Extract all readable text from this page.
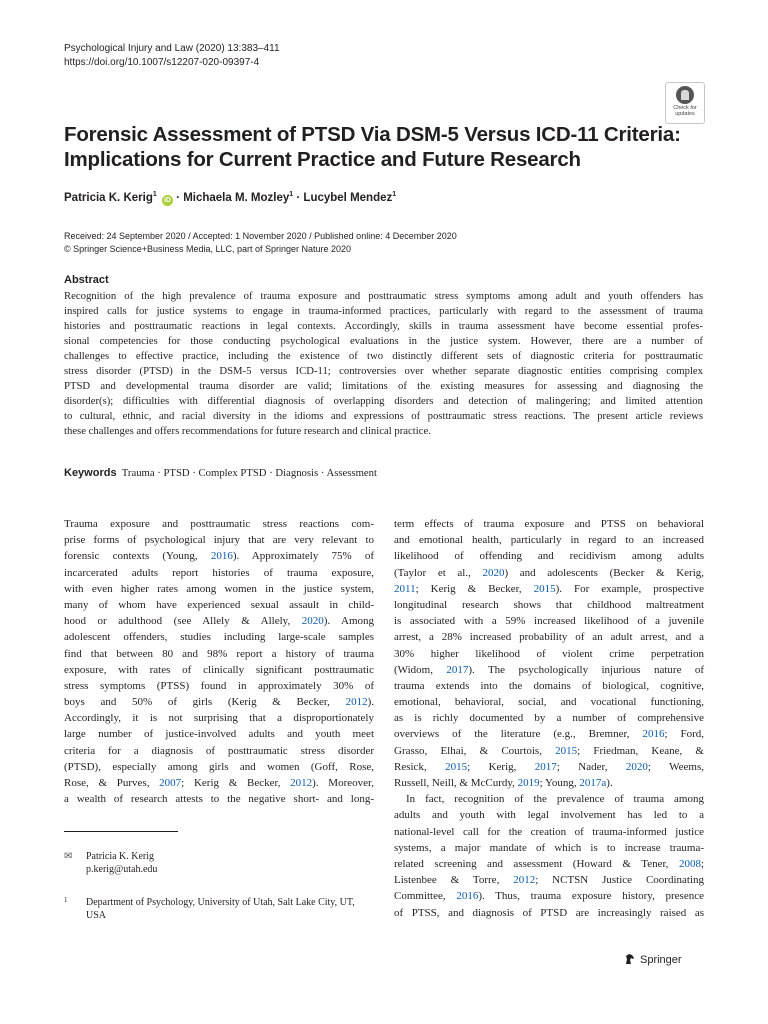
Psychological Injury and Law (2020) 13:383–411
https://doi.org/10.1007/s12207-020-09397-4
Check for
updates
Forensic Assessment of PTSD Via DSM-5 Versus ICD-11 Criteria:
Implications for Current Practice and Future Research
Patricia K. Kerig$^1$ iD · Michaela M. Mozley$^1$ · Lucybel Mendez$^1$
Received: 24 September 2020 / Accepted: 1 November 2020 / Published online: 4 December 2020
© Springer Science+Business Media, LLC, part of Springer Nature 2020
Abstract
Recognition of the high prevalence of trauma exposure and posttraumatic stress symptoms among adult and youth offenders has
inspired calls for justice systems to engage in trauma-informed practices, particularly with regard to the assessment of trauma
histories and posttraumatic reactions in legal contexts. Accordingly, skills in trauma assessment have become essential profes-
sional competencies for those conducting psychological evaluations in the justice system. However, there are a number of
challenges to effective practice, including the existence of two distinctly different sets of diagnostic criteria for posttraumatic
stress disorder (PTSD) in the DSM-5 versus ICD-11; controversies over whether separate diagnostic entities comprising complex
PTSD and developmental trauma disorder are valid; limitations of the existing measures for assessing and diagnosing the
disorder(s); difficulties with differential diagnosis of overlapping disorders and detection of malingering; and limited attention
to cultural, ethnic, and racial diversity in the idioms and expressions of posttraumatic stress reactions. The present article reviews
these challenges and offers recommendations for future research and clinical practice.
Keywords Trauma · PTSD · Complex PTSD · Diagnosis · Assessment
Trauma exposure and posttraumatic stress reactions com-
prise forms of psychological injury that are very relevant to
forensic contexts (Young, 2016). Approximately 75% of
incarcerated adults report histories of trauma exposure,
with even higher rates among women in the justice system,
many of whom have experienced sexual assault in child-
hood or adulthood (see Allely & Allely, 2020). Among
adolescent offenders, studies including large-scale samples
find that between 80 and 98% report a history of trauma
exposure, with rates of clinically significant posttraumatic
stress symptoms (PTSS) found in approximately 30% of
boys and 50% of girls (Kerig & Becker, 2012).
Accordingly, it is not surprising that a disproportionately
large number of justice-involved adults and youth meet
criteria for a diagnosis of posttraumatic stress disorder
(PTSD), especially among girls and women (Goff, Rose,
Rose, & Purves, 2007; Kerig & Becker, 2012). Moreover,
a wealth of research attests to the negative short- and long-
term effects of trauma exposure and PTSS on behavioral
and emotional health, particularly in regard to an increased
likelihood of offending and recidivism among adults
(Taylor et al., 2020) and adolescents (Becker & Kerig,
2011; Kerig & Becker, 2015). For example, prospective
longitudinal research shows that childhood maltreatment
is associated with a 59% increased likelihood of a juvenile
arrest, a 28% increased probability of an adult arrest, and a
30% higher likelihood of violent crime perpetration
(Widom, 2017). The psychologically injurious nature of
trauma extends into the domains of biological, cognitive,
emotional, behavioral, social, and vocational functioning,
as is richly documented by a number of comprehensive
overviews of the literature (e.g., Bremner, 2016; Ford,
Grasso, Elhai, & Courtois, 2015; Friedman, Keane, &
Resick, 2015; Kerig, 2017; Nader, 2020; Weems,
Russell, Neill, & McCurdy, 2019; Young, 2017a).
In fact, recognition of the prevalence of trauma among
adults and youth with legal involvement has led to a
national-level call for the creation of trauma-informed justice
systems, a major mandate of which is to increase trauma-
related screening and assessment (Howard & Tener, 2008;
Listenbee & Torre, 2012; NCTSN Justice Coordinating
Committee, 2016). Thus, trauma exposure history, presence
of PTSS, and diagnosis of PTSD are increasingly raised as
✉ Patricia K. Kerig
p.kerig@utah.edu
1 Department of Psychology, University of Utah, Salt Lake City, UT,
USA
Springer
